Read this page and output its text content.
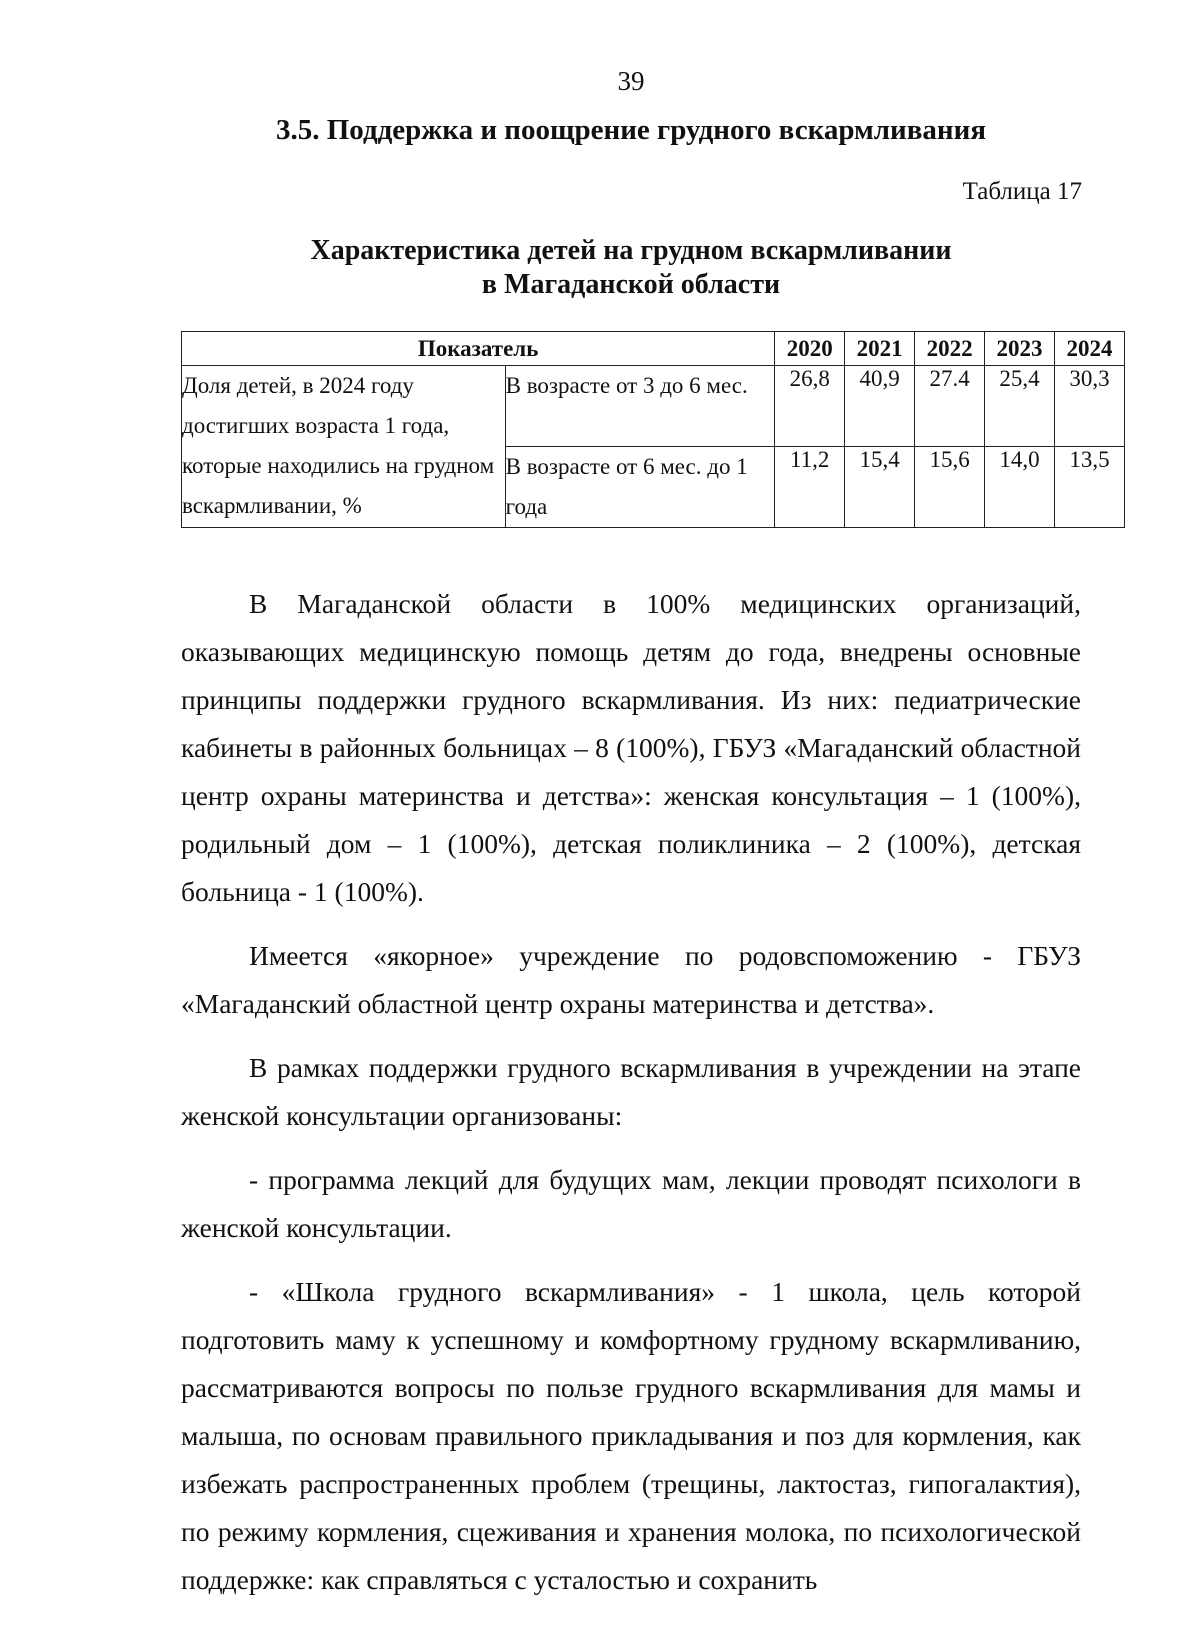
39
3.5. Поддержка и поощрение грудного вскармливания
Таблица 17
Характеристика детей на грудном вскармливании
в Магаданской области
Показатель		2020	2021	2022	2023	2024
Доля детей, в 2024 году достигших возраста 1 года, которые находились на грудном вскармливании, %	В возрасте от 3 до 6 мес.	26,8	40,9	27.4	25,4	30,3
	В возрасте от 6 мес. до 1 года	11,2	15,4	15,6	14,0	13,5

В Магаданской области в 100% медицинских организаций, оказывающих медицинскую помощь детям до года, внедрены основные принципы поддержки грудного вскармливания. Из них: педиатрические кабинеты в районных больницах – 8 (100%), ГБУЗ «Магаданский областной центр охраны материнства и детства»: женская консультация – 1 (100%), родильный дом – 1 (100%), детская поликлиника – 2 (100%), детская больница - 1 (100%).

Имеется «якорное» учреждение по родовспоможению - ГБУЗ «Магаданский областной центр охраны материнства и детства».

В рамках поддержки грудного вскармливания в учреждении на этапе женской консультации организованы:

- программа лекций для будущих мам, лекции проводят психологи в женской консультации.

- «Школа грудного вскармливания» - 1 школа, цель которой подготовить маму к успешному и комфортному грудному вскармливанию, рассматриваются вопросы по пользе грудного вскармливания для мамы и малыша, по основам правильного прикладывания и поз для кормления, как избежать распространенных проблем (трещины, лактостаз, гипогалактия), по режиму кормления, сцеживания и хранения молока, по психологической поддержке: как справляться с усталостью и сохранить
